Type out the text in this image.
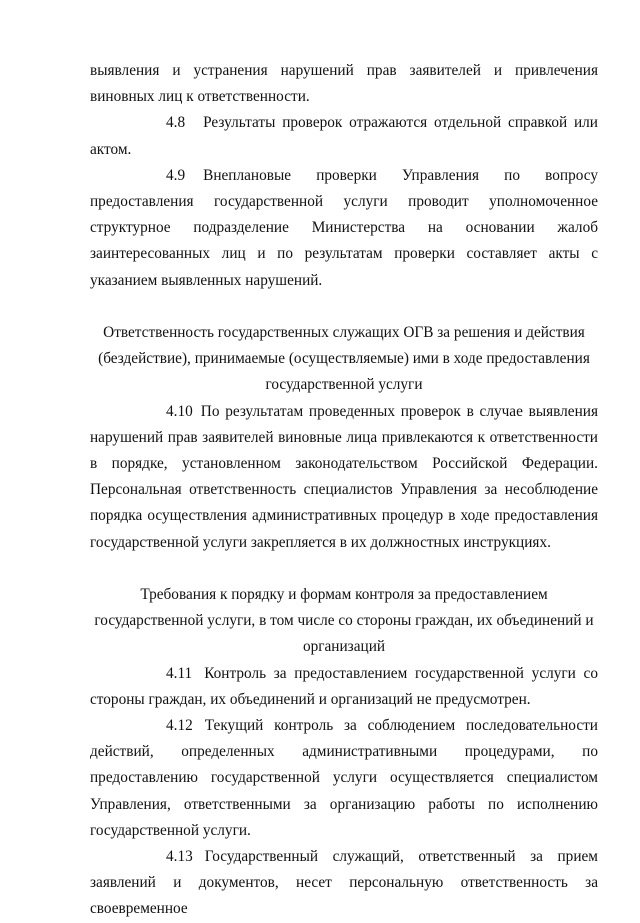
выявления и устранения нарушений прав заявителей и привлечения виновных лиц к ответственности.

4.8 Результаты проверок отражаются отдельной справкой или актом.

4.9 Внеплановые проверки Управления по вопросу предоставления государственной услуги проводит уполномоченное структурное подразделение Министерства на основании жалоб заинтересованных лиц и по результатам проверки составляет акты с указанием выявленных нарушений.

Ответственность государственных служащих ОГВ за решения и действия (бездействие), принимаемые (осуществляемые) ими в ходе предоставления государственной услуги

4.10 По результатам проведенных проверок в случае выявления нарушений прав заявителей виновные лица привлекаются к ответственности в порядке, установленном законодательством Российской Федерации. Персональная ответственность специалистов Управления за несоблюдение порядка осуществления административных процедур в ходе предоставления государственной услуги закрепляется в их должностных инструкциях.

Требования к порядку и формам контроля за предоставлением государственной услуги, в том числе со стороны граждан, их объединений и организаций

4.11 Контроль за предоставлением государственной услуги со стороны граждан, их объединений и организаций не предусмотрен.

4.12 Текущий контроль за соблюдением последовательности действий, определенных административными процедурами, по предоставлению государственной услуги осуществляется специалистом Управления, ответственными за организацию работы по исполнению государственной услуги.

4.13 Государственный служащий, ответственный за прием заявлений и документов, несет персональную ответственность за своевременное
